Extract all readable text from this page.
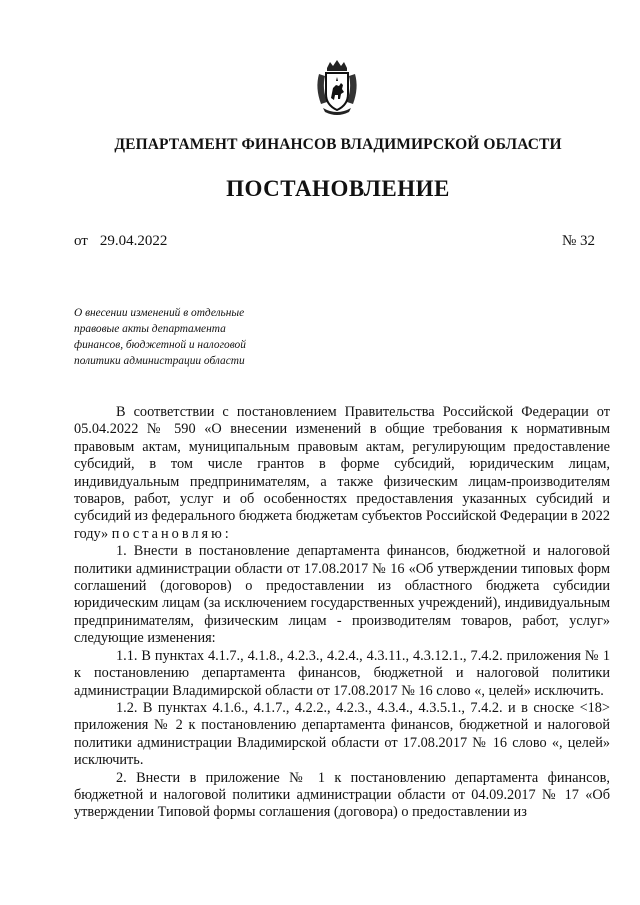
ДЕПАРТАМЕНТ ФИНАНСОВ ВЛАДИМИРСКОЙ ОБЛАСТИ
ПОСТАНОВЛЕНИЕ
от 29.04.2022	№ 32
О внесении изменений в отдельные
правовые акты департамента
финансов, бюджетной и налоговой
политики администрации области

В соответствии с постановлением Правительства Российской Федерации от 05.04.2022 № 590 «О внесении изменений в общие требования к нормативным правовым актам, муниципальным правовым актам, регулирующим предоставление субсидий, в том числе грантов в форме субсидий, юридическим лицам, индивидуальным предпринимателям, а также физическим лицам-производителям товаров, работ, услуг и об особенностях предоставления указанных субсидий и субсидий из федерального бюджета бюджетам субъектов Российской Федерации в 2022 году» постановляю:

1. Внести в постановление департамента финансов, бюджетной и налоговой политики администрации области от 17.08.2017 № 16 «Об утверждении типовых форм соглашений (договоров) о предоставлении из областного бюджета субсидии юридическим лицам (за исключением государственных учреждений), индивидуальным предпринимателям, физическим лицам - производителям товаров, работ, услуг» следующие изменения:

1.1. В пунктах 4.1.7., 4.1.8., 4.2.3., 4.2.4., 4.3.11., 4.3.12.1., 7.4.2. приложения № 1 к постановлению департамента финансов, бюджетной и налоговой политики администрации Владимирской области от 17.08.2017 № 16 слово «, целей» исключить.

1.2. В пунктах 4.1.6., 4.1.7., 4.2.2., 4.2.3., 4.3.4., 4.3.5.1., 7.4.2. и в сноске <18> приложения № 2 к постановлению департамента финансов, бюджетной и налоговой политики администрации Владимирской области от 17.08.2017 № 16 слово «, целей» исключить.

2. Внести в приложение № 1 к постановлению департамента финансов, бюджетной и налоговой политики администрации области от 04.09.2017 № 17 «Об утверждении Типовой формы соглашения (договора) о предоставлении из
